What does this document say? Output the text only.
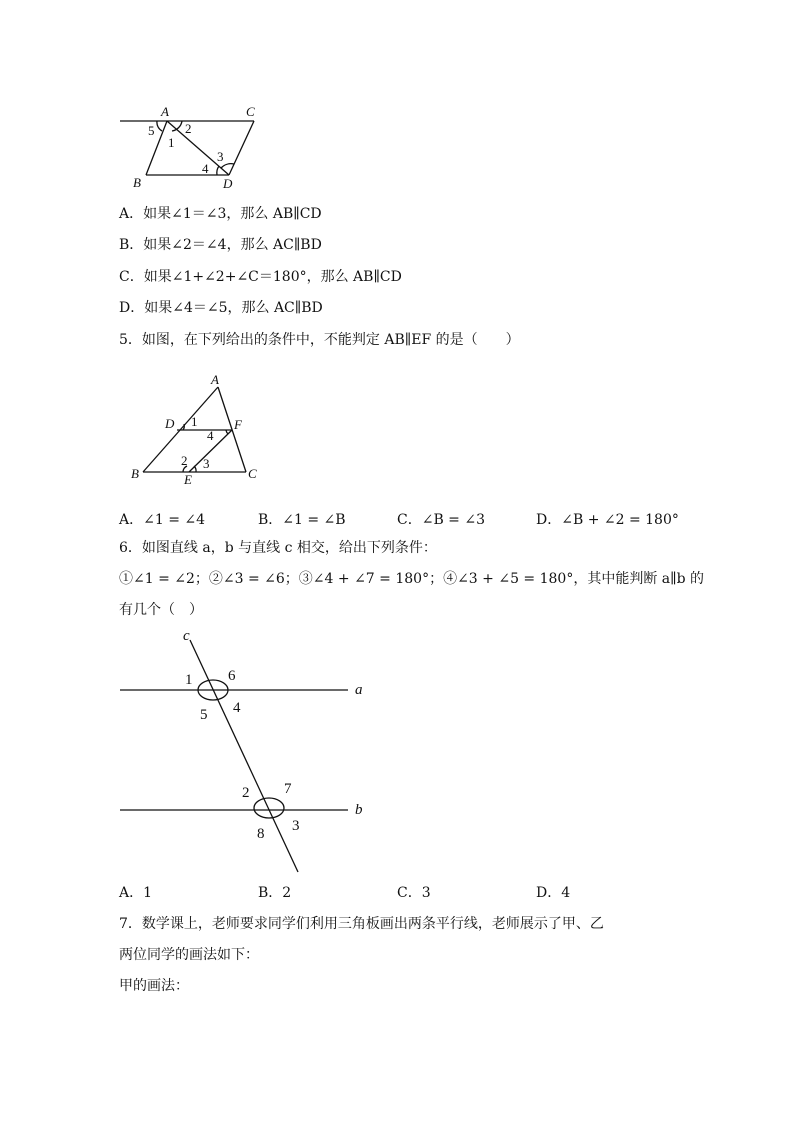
A	C
B	D
5 2
1
3
4
A．如果∠1＝∠3，那么 AB∥CD
B．如果∠2＝∠4，那么 AC∥BD
C．如果∠1+∠2+∠C＝180°，那么 AB∥CD
D．如果∠4＝∠5，那么 AC∥BD
5．如图，在下列给出的条件中，不能判定 AB∥EF 的是（　　）
A
D 1	F
4
B
2 3
C
E
A．∠1 = ∠4	B．∠1 = ∠B	C．∠B = ∠3	D．∠B + ∠2 = 180°
6．如图直线 a，b 与直线 c 相交，给出下列条件：
①∠1 = ∠2；②∠3 = ∠6；③∠4 + ∠7 = 180°；④∠3 + ∠5 = 180°，其中能判断 a∥b 的
有几个（　）
c
1 6
a
5 4
2 7
b
8 3
A．1	B．2	C．3	D．4
7．数学课上，老师要求同学们利用三角板画出两条平行线，老师展示了甲、乙
两位同学的画法如下：
甲的画法：
